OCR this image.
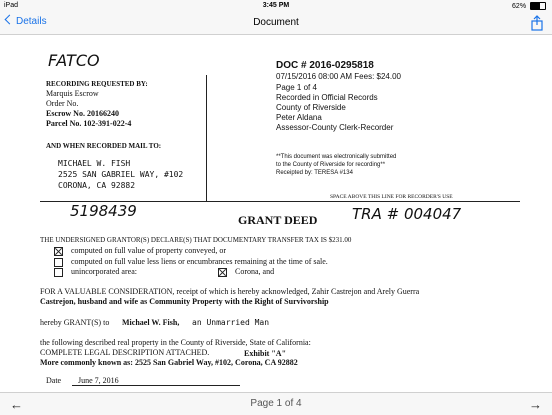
iPad	3:45 PM	62%
Details	Document
FATCO
RECORDING REQUESTED BY:
Marquis Escrow
Order No.
Escrow No. 20166240
Parcel No. 102-391-022-4
AND WHEN RECORDED MAIL TO:
MICHAEL W. FISH
2525 SAN GABRIEL WAY, #102
CORONA, CA 92882
DOC # 2016-0295818
07/15/2016 08:00 AM Fees: $24.00
Page 1 of 4
Recorded in Official Records
County of Riverside
Peter Aldana
Assessor-County Clerk-Recorder
**This document was electronically submitted
to the County of Riverside for recording**
Receipted by: TERESA #134
SPACE ABOVE THIS LINE FOR RECORDER'S USE
5198439	GRANT DEED TRA # 004047
THE UNDERSIGNED GRANTOR(S) DECLARE(S) THAT DOCUMENTARY TRANSFER TAX IS $231.00
computed on full value of property conveyed, or
computed on full value less liens or encumbrances remaining at the time of sale.
unincorporated area:	Corona, and
FOR A VALUABLE CONSIDERATION, receipt of which is hereby acknowledged, Zahir Castrejon and Arely Guerra
Castrejon, husband and wife as Community Property with the Right of Survivorship
hereby GRANT(S) to Michael W. Fish, an Unmarried Man
the following described real property in the County of Riverside, State of California:
COMPLETE LEGAL DESCRIPTION ATTACHED.	Exhibit "A"
More commonly known as: 2525 San Gabriel Way, #102, Corona, CA 92882
Date June 7, 2016
←	Page 1 of 4	→
